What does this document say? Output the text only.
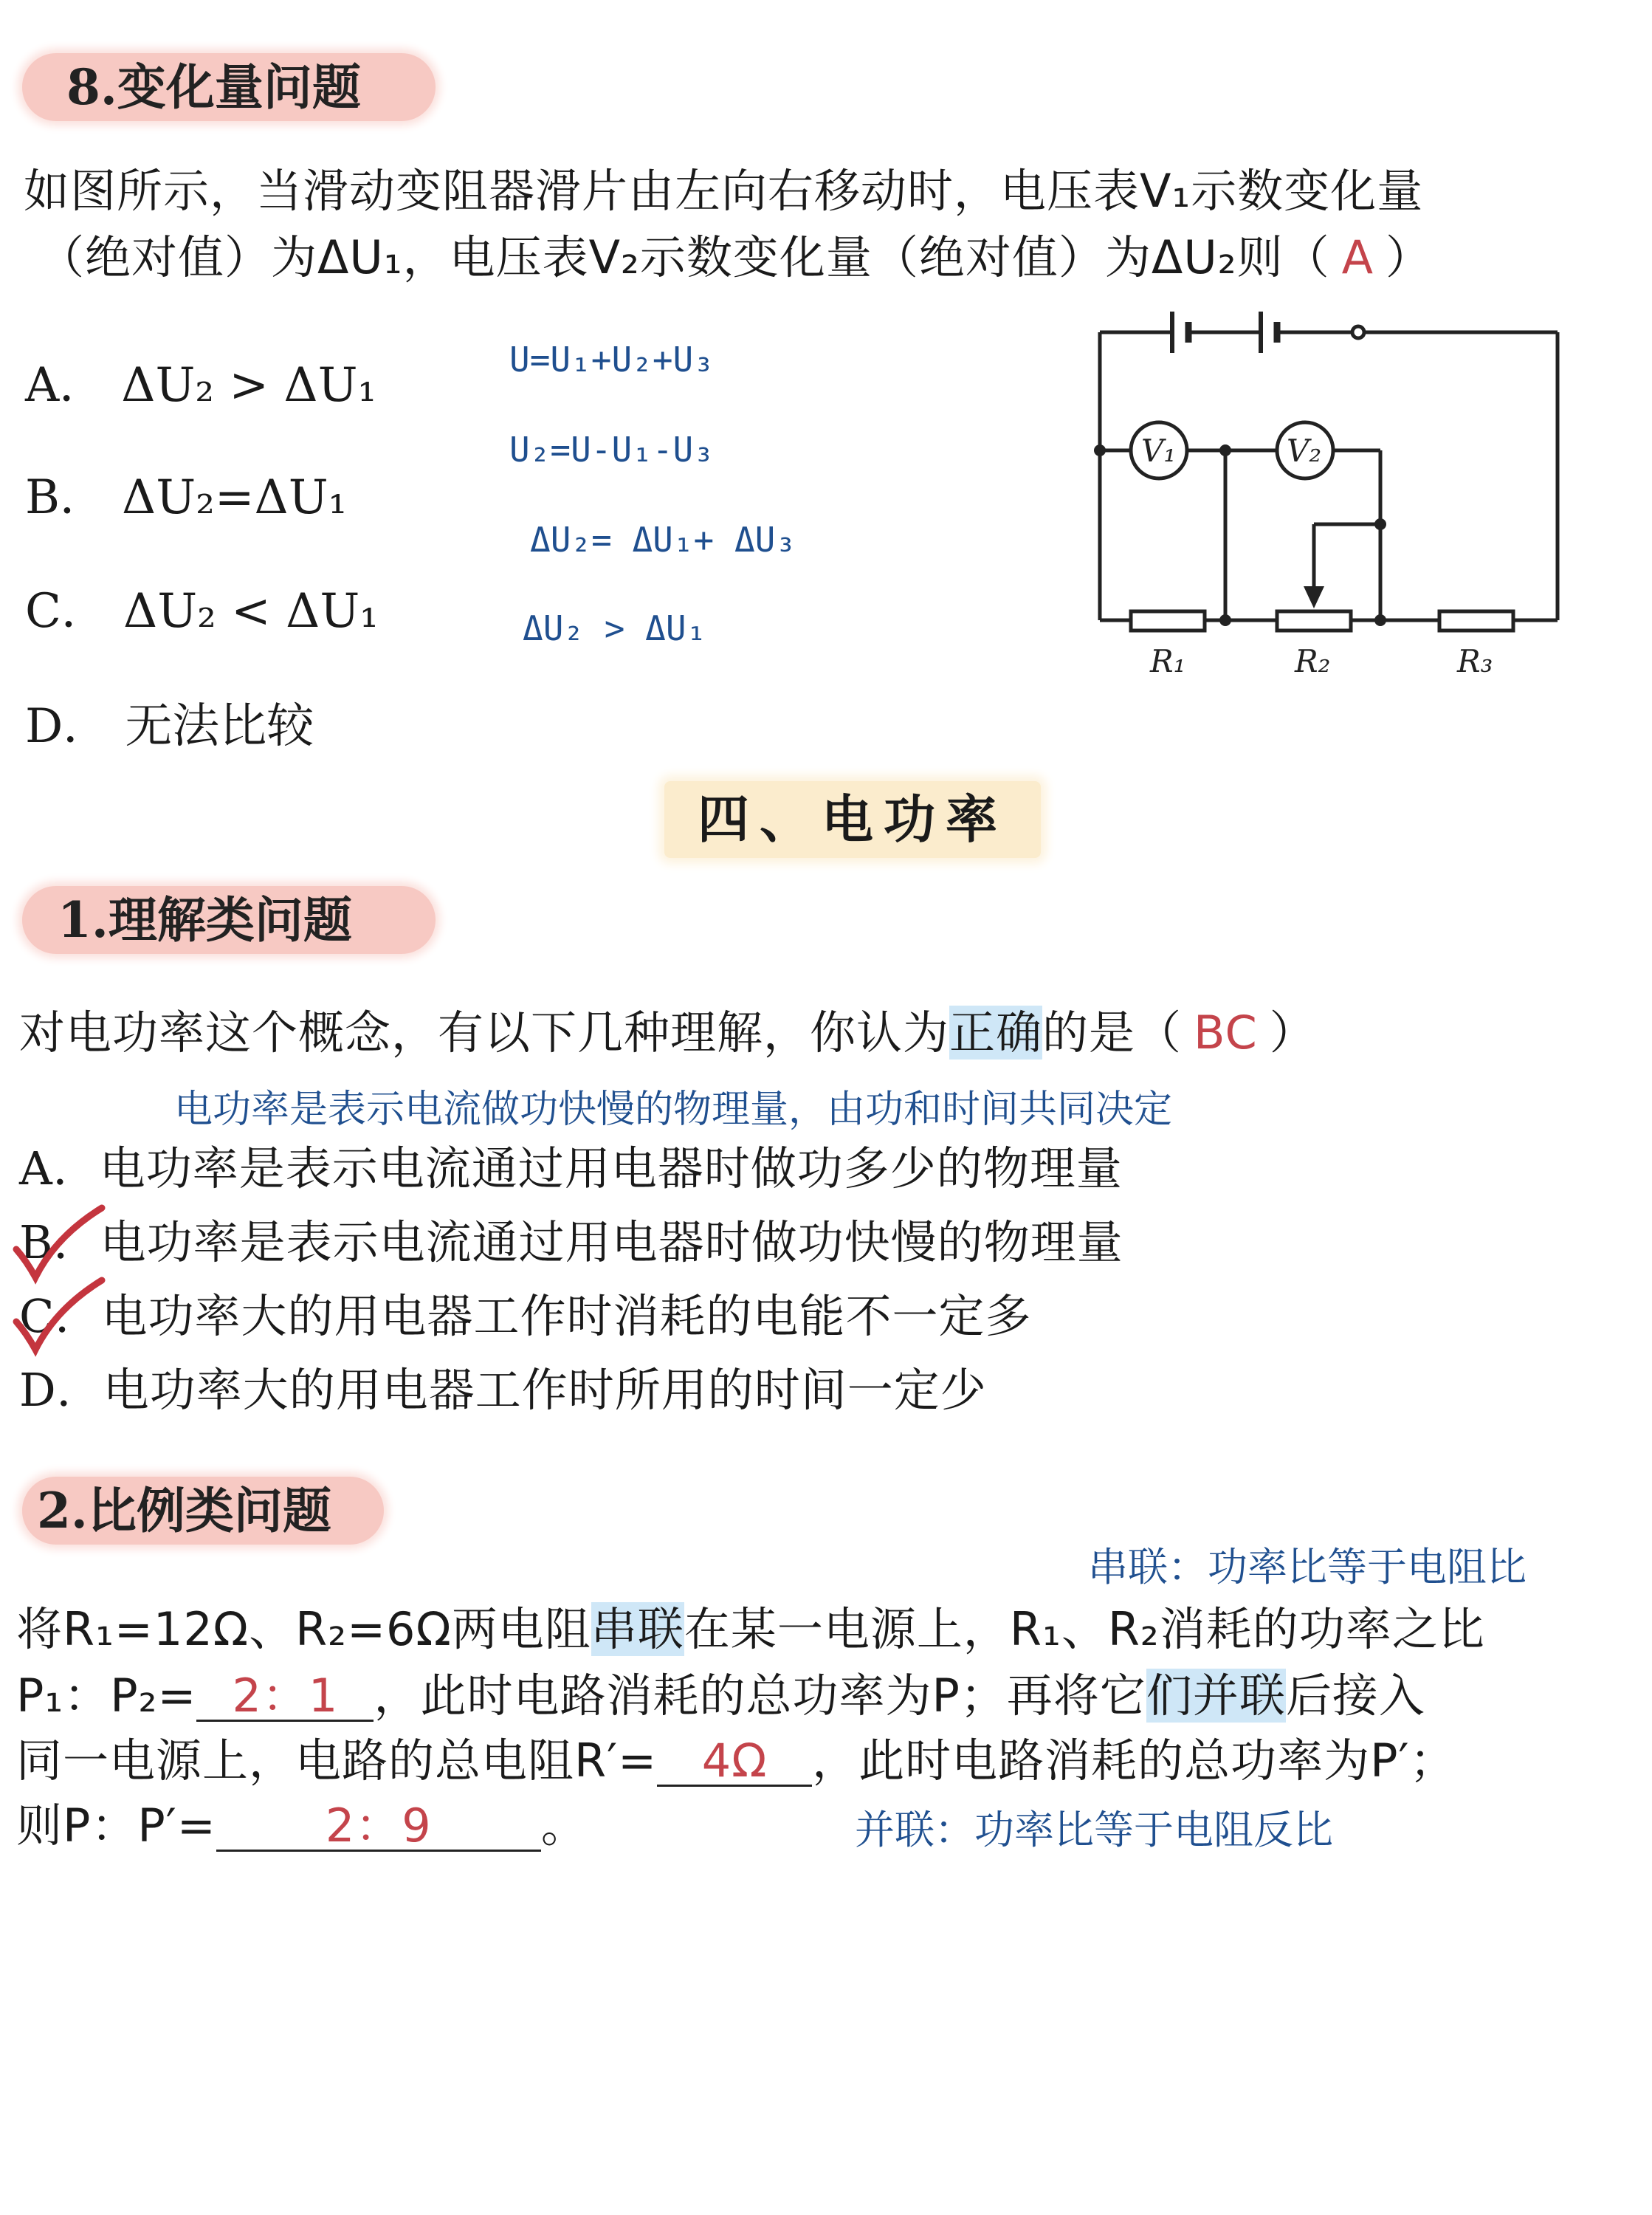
8.变化量问题
如图所示，当滑动变阻器滑片由左向右移动时，电压表V₁示数变化量
（绝对值）为ΔU₁，电压表V₂示数变化量（绝对值）为ΔU₂则（ A ）
A． ΔU₂ > ΔU₁
B． ΔU₂=ΔU₁
C． ΔU₂ < ΔU₁
D． 无法比较
U=U₁+U₂+U₃
U₂=U-U₁-U₃
ΔU₂= ΔU₁+ ΔU₃
ΔU₂ > ΔU₁
V₁	V₂
R₁	R₂	R₃
四、电功率
1.理解类问题
对电功率这个概念，有以下几种理解，你认为正确的是（ BC ）
电功率是表示电流做功快慢的物理量，由功和时间共同决定
A．电功率是表示电流通过用电器时做功多少的物理量
B．电功率是表示电流通过用电器时做功快慢的物理量
C．电功率大的用电器工作时消耗的电能不一定多
D．电功率大的用电器工作时所用的时间一定少
2.比例类问题
串联：功率比等于电阻比
将R₁=12Ω、R₂=6Ω两电阻串联在某一电源上，R₁、R₂消耗的功率之比
P₁：P₂= 2：1 ，此时电路消耗的总功率为P；再将它们并联后接入
同一电源上，电路的总电阻R′= 4Ω ，此时电路消耗的总功率为P′；
则P：P′= 2：9 。	并联：功率比等于电阻反比
